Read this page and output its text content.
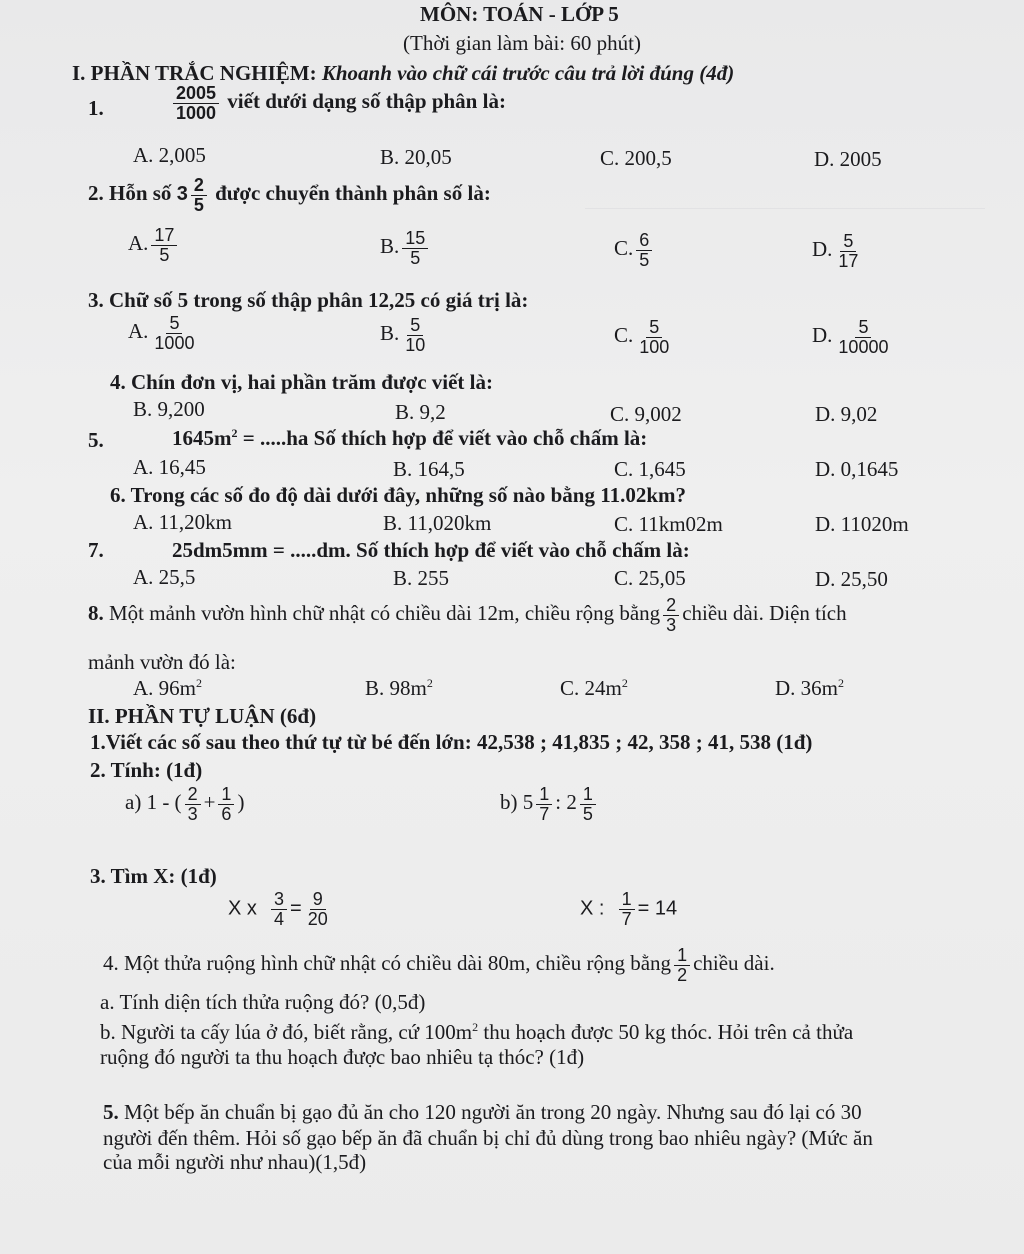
MÔN: TOÁN - LỚP 5
(Thời gian làm bài: 60 phút)
I. PHẦN TRẮC NGHIỆM: Khoanh vào chữ cái trước câu trả lời đúng (4đ)
1.	$\frac{2005}{1000}$ viết dưới dạng số thập phân là:
A. 2,005	B. 20,05	C. 200,5	D. 2005
2. Hỗn số $3 \frac{2}{5}$ được chuyển thành phân số là:
A. $\frac{17}{5}$	B. $\frac{15}{5}$	C. $\frac{6}{5}$	D. $\frac{5}{17}$
3. Chữ số 5 trong số thập phân 12,25 có giá trị là:
A. $\frac{5}{1000}$	B. $\frac{5}{10}$	C. $\frac{5}{100}$	D. $\frac{5}{10000}$
4. Chín đơn vị, hai phần trăm được viết là:
B. 9,200	B. 9,2	C. 9,002	D. 9,02
5.	$1645m^2 = .....ha$ Số thích hợp để viết vào chỗ chấm là:
A. 16,45	B. 164,5	C. 1,645	D. 0,1645
6. Trong các số đo độ dài dưới đây, những số nào bằng 11.02km?
A. 11,20km	B. 11,020km	C. 11km02m	D. 11020m
7.	25dm5mm = .....dm. Số thích hợp để viết vào chỗ chấm là:
A. 25,5	B. 255	C. 25,05	D. 25,50
8. Một mảnh vườn hình chữ nhật có chiều dài 12m, chiều rộng bằng $\frac{2}{3}$ chiều dài. Diện tích
mảnh vườn đó là:
A. $96m^2$	B. $98m^2$	C. $24m^2$	D. $36m^2$
II. PHẦN TỰ LUẬN (6đ)
1.Viết các số sau theo thứ tự từ bé đến lớn: 42,538 ; 41,835 ; 42, 358 ; 41, 538 (1đ)
2. Tính: (1đ)
a) 1 - ( $\frac{2}{3} + \frac{1}{6}$ )	b) $5 \frac{1}{7}$ : $2 \frac{1}{5}$
3. Tìm X: (1đ)
X x $\frac{3}{4} = \frac{9}{20}$	X : $\frac{1}{7} = 14$
4. Một thửa ruộng hình chữ nhật có chiều dài 80m, chiều rộng bằng $\frac{1}{2}$ chiều dài.
a. Tính diện tích thửa ruộng đó? (0,5đ)
b. Người ta cấy lúa ở đó, biết rằng, cứ $100m^2$ thu hoạch được 50 kg thóc. Hỏi trên cả thửa
ruộng đó người ta thu hoạch được bao nhiêu tạ thóc? (1đ)
5. Một bếp ăn chuẩn bị gạo đủ ăn cho 120 người ăn trong 20 ngày. Nhưng sau đó lại có 30
người đến thêm. Hỏi số gạo bếp ăn đã chuẩn bị chỉ đủ dùng trong bao nhiêu ngày? (Mức ăn
của mỗi người như nhau)(1,5đ)
